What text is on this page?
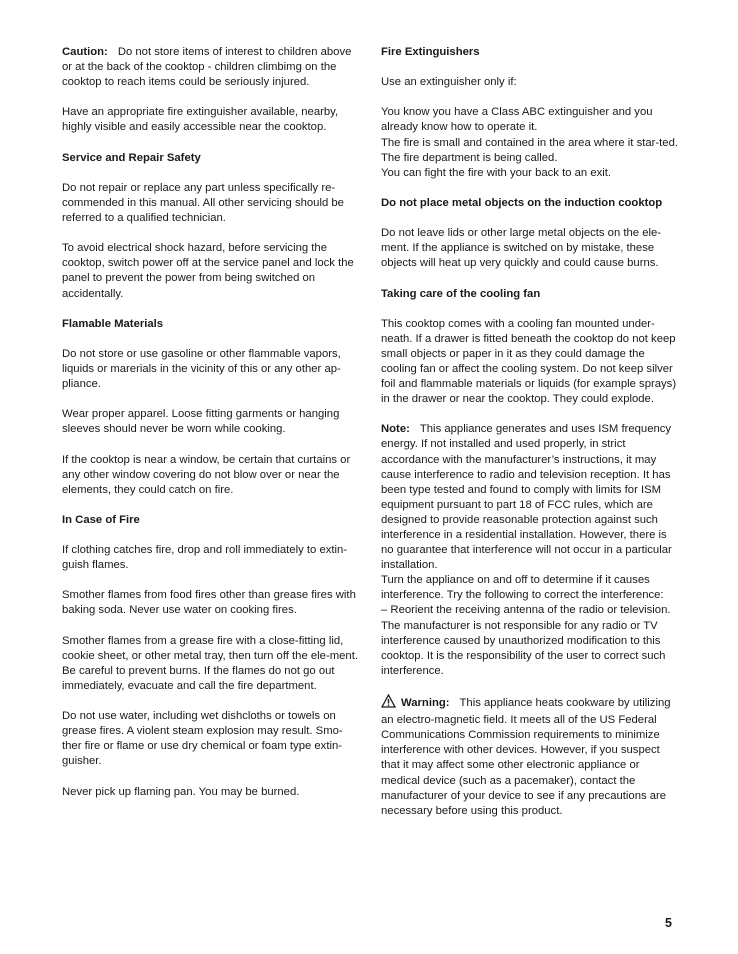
Caution: Do not store items of interest to children above or at the back of the cooktop - children climbimg on the cooktop to reach items could be seriously injured.

Have an appropriate fire extinguisher available, nearby, highly visible and easily accessible near the cooktop.

Service and Repair Safety

Do not repair or replace any part unless specifically re-commended in this manual. All other servicing should be referred to a qualified technician.

To avoid electrical shock hazard, before servicing the cooktop, switch power off at the service panel and lock the panel to prevent the power from being switched on accidentally.

Flamable Materials

Do not store or use gasoline or other flammable vapors, liquids or marerials in the vicinity of this or any other ap-pliance.

Wear proper apparel. Loose fitting garments or hanging sleeves should never be worn while cooking.

If the cooktop is near a window, be certain that curtains or any other window covering do not blow over or near the elements, they could catch on fire.

In Case of Fire

If clothing catches fire, drop and roll immediately to extin-guish flames.

Smother flames from food fires other than grease fires with baking soda. Never use water on cooking fires.

Smother flames from a grease fire with a close-fitting lid, cookie sheet, or other metal tray, then turn off the ele-ment. Be careful to prevent burns. If the flames do not go out immediately, evacuate and call the fire department.

Do not use water, including wet dishcloths or towels on grease fires. A violent steam explosion may result. Smo-ther fire or flame or use dry chemical or foam type extin-guisher.

Never pick up flaming pan. You may be burned.

Fire Extinguishers

Use an extinguisher only if:

You know you have a Class ABC extinguisher and you already know how to operate it.
The fire is small and contained in the area where it star-ted.
The fire department is being called.
You can fight the fire with your back to an exit.

Do not place metal objects on the induction cooktop

Do not leave lids or other large metal objects on the ele-ment. If the appliance is switched on by mistake, these objects will heat up very quickly and could cause burns.

Taking care of the cooling fan

This cooktop comes with a cooling fan mounted under-neath. If a drawer is fitted beneath the cooktop do not keep small objects or paper in it as they could damage the cooling fan or affect the cooling system. Do not keep silver foil and flammable materials or liquids (for example sprays) in the drawer or near the cooktop. They could explode.

Note: This appliance generates and uses ISM frequency energy. If not installed and used properly, in strict accordance with the manufacturer’s instructions, it may cause interference to radio and television reception. It has been type tested and found to comply with limits for ISM equipment pursuant to part 18 of FCC rules, which are designed to provide reasonable protection against such interference in a residential installation. However, there is no guarantee that interference will not occur in a particular installation.
Turn the appliance on and off to determine if it causes interference. Try the following to correct the interference:
– Reorient the receiving antenna of the radio or television.
The manufacturer is not responsible for any radio or TV interference caused by unauthorized modification to this cooktop. It is the responsibility of the user to correct such interference.

Warning: This appliance heats cookware by utilizing an electro-magnetic field. It meets all of the US Federal Communications Commission requirements to minimize interference with other devices. However, if you suspect that it may affect some other electronic appliance or medical device (such as a pacemaker), contact the manufacturer of your device to see if any precautions are necessary before using this product.

5
